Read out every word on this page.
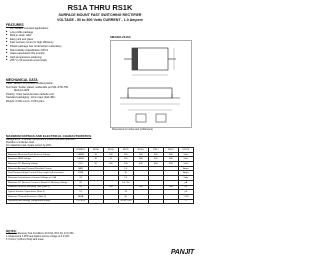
RS1A THRU RS1K
SURFACE MOUNT FAST SWITCHING RECTIFIER
VOLTAGE - 50 to 800 Volts CURRENT - 1.0 Ampere
FEATURES
■ For surface mounted applications
■ Low profile package
■ Built-in strain relief
■ Easy pick and place
■ Fast recovery times for high efficiency
■ Plastic package has Underwriters Laboratory
■ Flammability Classification 94V-0
■ Glass passivated chip junction
■ High temperature soldering:
■ 260 °C /10 seconds at terminals
MECHANICAL DATA
Case: JEDEC DO-214AC molded plastic
Terminals: Solder plated, solderable per MIL-STD-750,
Method 2026
Polarity: Color band denotes cathode end
Standard packaging: 12mm tape (EIA-481)
Weight: 0.002 ounce, 0.064 gram
SMA/DO-214AC
Dimensions in inches and (millimeters)
MAXIMUM RATINGS AND ELECTRICAL CHARACTERISTICS
Ratings at 25 °C ambient temperature unless otherwise specified.
Resistive or inductive load.
For capacitive load, derate current by 20%.
	SYMBOL	RS1A	RS1B	RS1D	RS1G	RS1J	RS1K	UNITS
Maximum Recurrent Peak Reverse Voltage	VRRM	50	100	200	400	600	800	Volts
Maximum RMS Voltage	VRMS	35	70	140	280	420	560	Volts
Maximum DC Blocking Voltage	VDC	50	100	200	400	600	800	Volts
Maximum Average Forward Rectified Current	I(AV)			1.0				Amps
Peak Forward Surge Current 8.3ms single half sine-wave	IFSM			30				Amps
Maximum Instantaneous Forward Voltage at 1.0A	VF			1.3				Volts
Maximum DC Reverse Current at Rated DC Blocking Voltage	IR			5.0 / 50				µA
Maximum Reverse Recovery Time (Note 1)	trr		150		250		500	ns
Typical Junction Capacitance (Note 2)	CJ			15				pF
Maximum Thermal Resistance (Note 3)	RθJA			60				°C/W
Operating and Storage Temperature Range	TJ,TSTG			-55 to +150				°C
NOTES:
1. Reverse Recovery Test Conditions: IF=0.5A, IR=1.0A, Irr=0.25A
2. Measured at 1 MHz and Applied reverse voltage of 4.0 VDC
3. 8.0mm² (.013mm thick) land areas
PANJIT
